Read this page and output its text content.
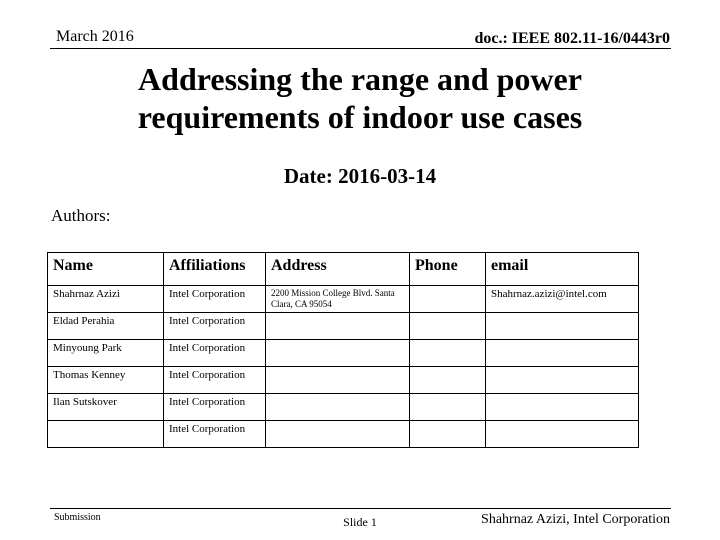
March 2016	doc.: IEEE 802.11-16/0443r0
Addressing the range and power
requirements of indoor use cases
Date: 2016-03-14
Authors:
Name	Affiliations	Address	Phone	email
Shahrnaz Azizi	Intel Corporation	2200 Mission College Blvd. Santa Clara, CA 95054		Shahrnaz.azizi@intel.com
Eldad Perahia	Intel Corporation			
Minyoung Park	Intel Corporation			
Thomas Kenney	Intel Corporation			
Ilan Sutskover	Intel Corporation			
	Intel Corporation			
Submission	Slide 1	Shahrnaz Azizi, Intel Corporation
